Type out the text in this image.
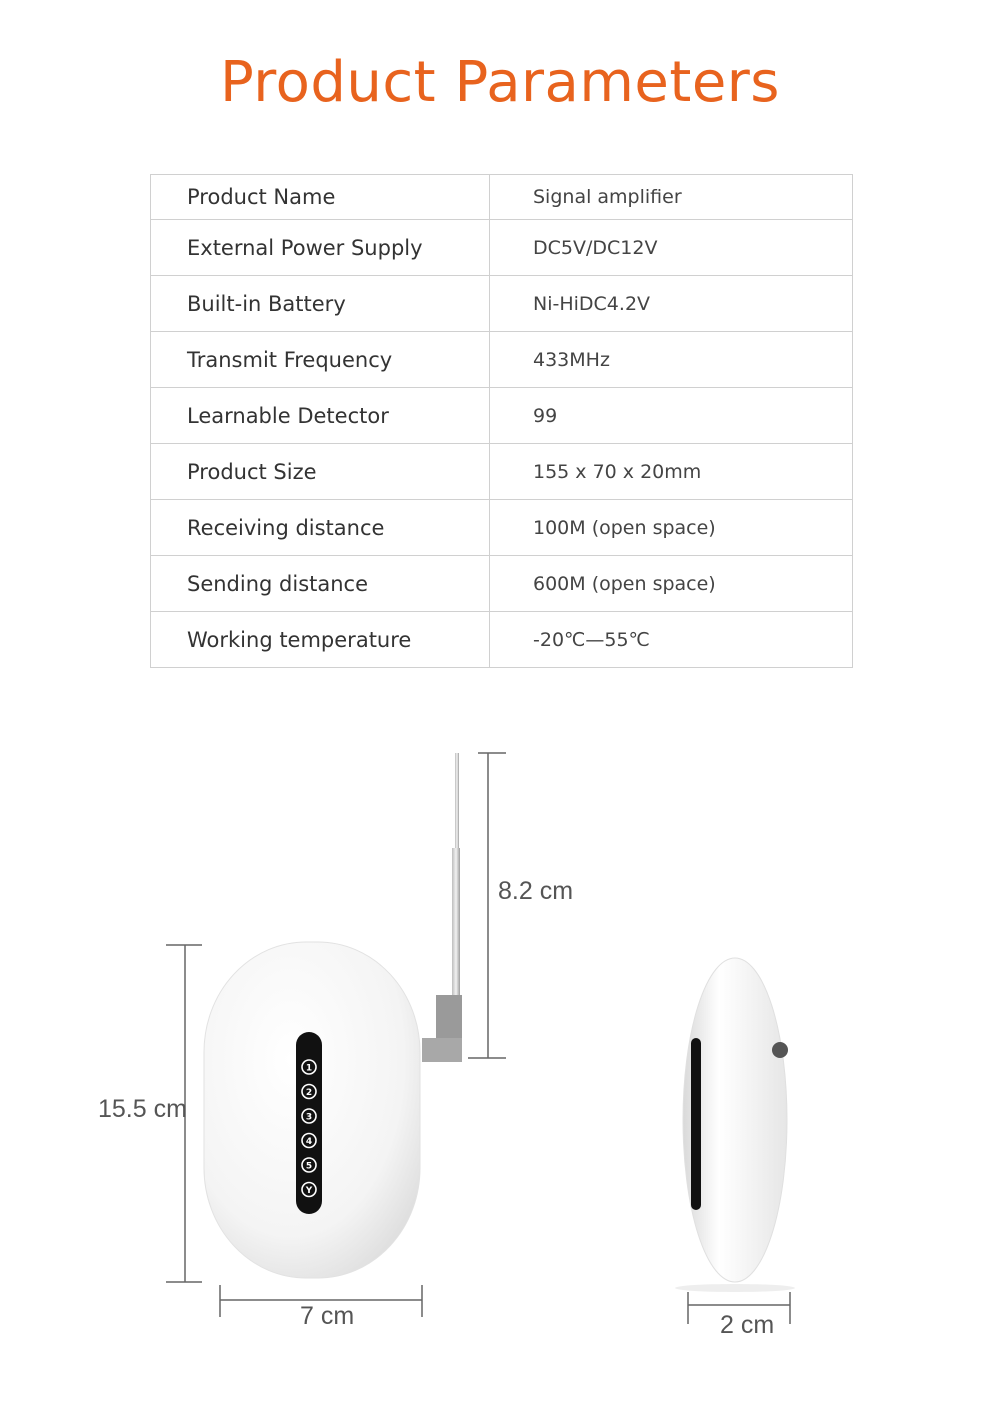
Product Parameters
Product Name	Signal amplifier
External Power Supply	DC5V/DC12V
Built-in Battery	Ni-HiDC4.2V
Transmit Frequency	433MHz
Learnable Detector	99
Product Size	155 x 70 x 20mm
Receiving distance	100M (open space)
Sending distance	600M (open space)
Working temperature	-20℃—55℃
1
2
3
4
5
Y
8.2 cm
15.5 cm
7 cm	2 cm
